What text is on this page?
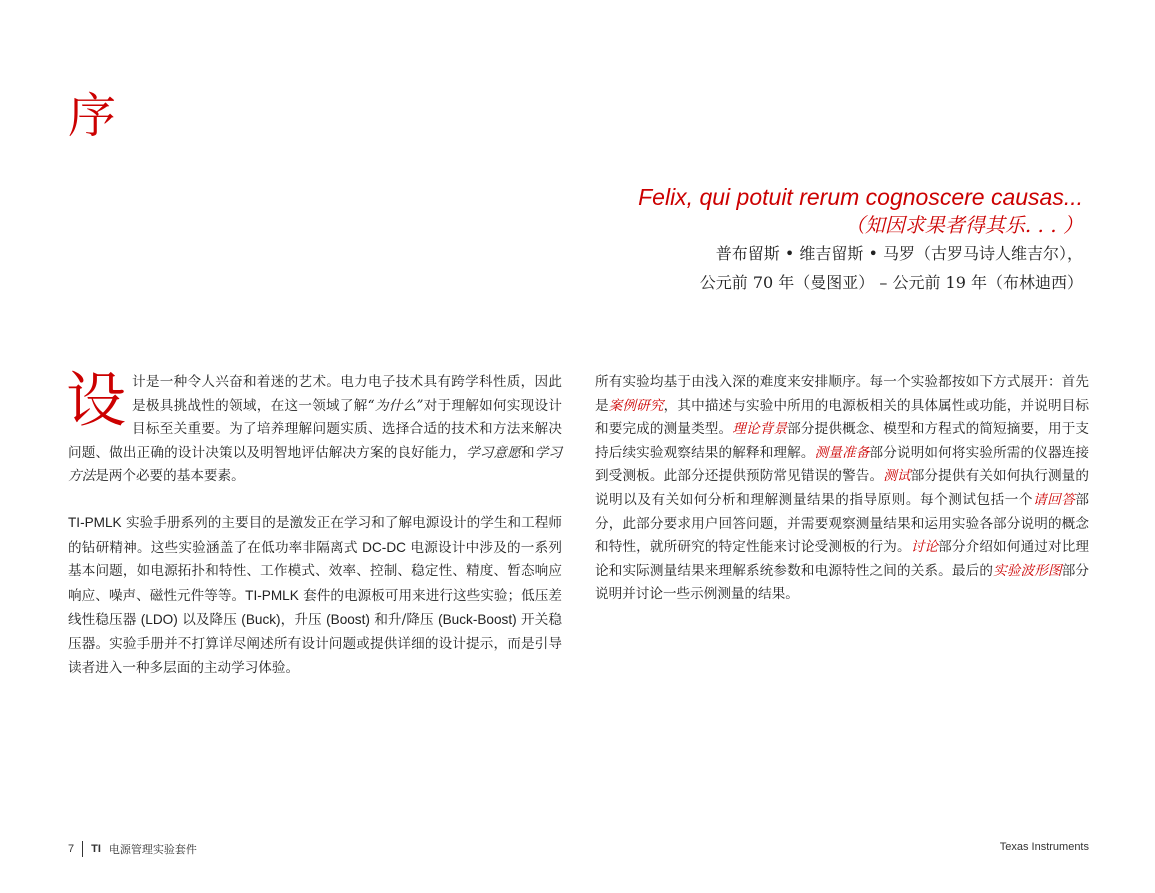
序
Felix, qui potuit rerum cognoscere causas...
（知因求果者得其乐. . . ）
普布留斯 • 维吉留斯 • 马罗（古罗马诗人维吉尔），
公元前 70 年（曼图亚） – 公元前 19 年（布林迪西）

设计是一种令人兴奋和着迷的艺术。电力电子技术具有跨学科性质，因此是极具挑战性的领域，在这一领域了解“为什么”对于理解如何实现设计目标至关重要。为了培养理解问题实质、选择合适的技术和方法来解决问题、做出正确的设计决策以及明智地评估解决方案的良好能力，学习意愿和学习方法是两个必要的基本要素。

TI-PMLK 实验手册系列的主要目的是激发正在学习和了解电源设计的学生和工程师的钻研精神。这些实验涵盖了在低功率非隔离式 DC-DC 电源设计中涉及的一系列基本问题，如电源拓扑和特性、工作模式、效率、控制、稳定性、精度、暂态响应响应、噪声、磁性元件等等。TI-PMLK 套件的电源板可用来进行这些实验；低压差线性稳压器 (LDO) 以及降压 (Buck)，升压 (Boost) 和升/降压 (Buck-Boost) 开关稳压器。实验手册并不打算详尽阐述所有设计问题或提供详细的设计提示，而是引导读者进入一种多层面的主动学习体验。

所有实验均基于由浅入深的难度来安排顺序。每一个实验都按如下方式展开：首先是案例研究，其中描述与实验中所用的电源板相关的具体属性或功能，并说明目标和要完成的测量类型。理论背景部分提供概念、模型和方程式的简短摘要，用于支持后续实验观察结果的解释和理解。测量准备部分说明如何将实验所需的仪器连接到受测板。此部分还提供预防常见错误的警告。测试部分提供有关如何执行测量的说明以及有关如何分析和理解测量结果的指导原则。每个测试包括一个请回答部分，此部分要求用户回答问题，并需要观察测量结果和运用实验各部分说明的概念和特性，就所研究的特定性能来讨论受测板的行为。讨论部分介绍如何通过对比理论和实际测量结果来理解系统参数和电源特性之间的关系。最后的实验波形图部分说明并讨论一些示例测量的结果。

7 TI 电源管理实验套件	Texas Instruments
